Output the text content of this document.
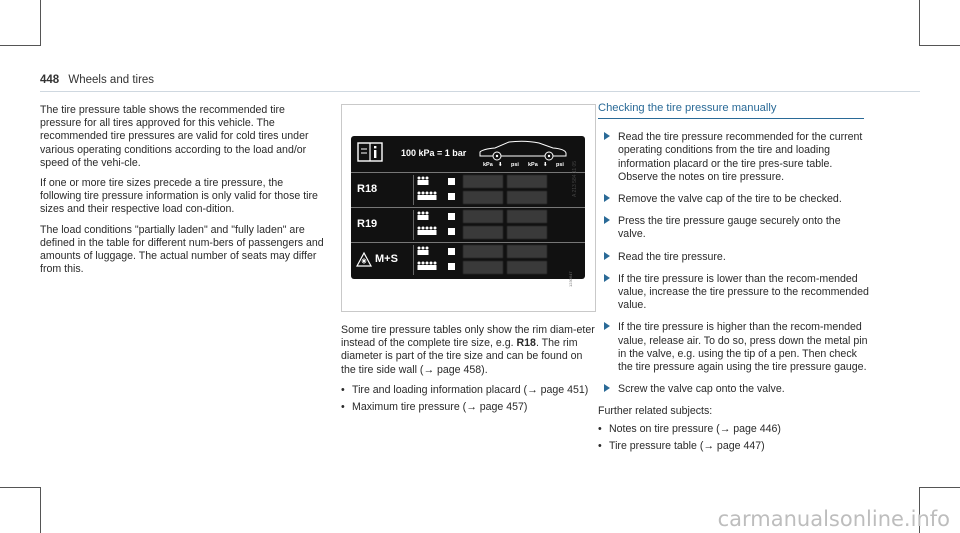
448 Wheels and tires

The tire pressure table shows the recommended tire pressure for all tires approved for this vehicle. The recommended tire pressures are valid for cold tires under various operating conditions according to the load and/or speed of the vehi-cle.

If one or more tire sizes precede a tire pressure, the following tire pressure information is only valid for those tire sizes and their respective load con-dition.

The load conditions "partially laden" and "fully laden" are defined in the table for different num-bers of passengers and amounts of luggage. The actual number of seats may differ from this.

100 kPa = 1 bar
kPa ⬇ psi kPa ⬇ psi
R18
R19
M+S
A 213 584 11 05
1230647

Some tire pressure tables only show the rim diam-eter instead of the complete tire size, e.g. R18. The rim diameter is part of the tire size and can be found on the tire side wall (→ page 458).

• Tire and loading information placard (→ page 451)
• Maximum tire pressure (→ page 457)
Checking the tire pressure manually
Read the tire pressure recommended for the current operating conditions from the tire and loading information placard or the tire pres-sure table. Observe the notes on tire pressure.
Remove the valve cap of the tire to be checked.
Press the tire pressure gauge securely onto the valve.
Read the tire pressure.
If the tire pressure is lower than the recom-mended value, increase the tire pressure to the recommended value.
If the tire pressure is higher than the recom-mended value, release air. To do so, press down the metal pin in the valve, e.g. using the tip of a pen. Then check the tire pressure again using the tire pressure gauge.
Screw the valve cap onto the valve.
Further related subjects:
• Notes on tire pressure (→ page 446)
• Tire pressure table (→ page 447)
carmanualsonline.info
